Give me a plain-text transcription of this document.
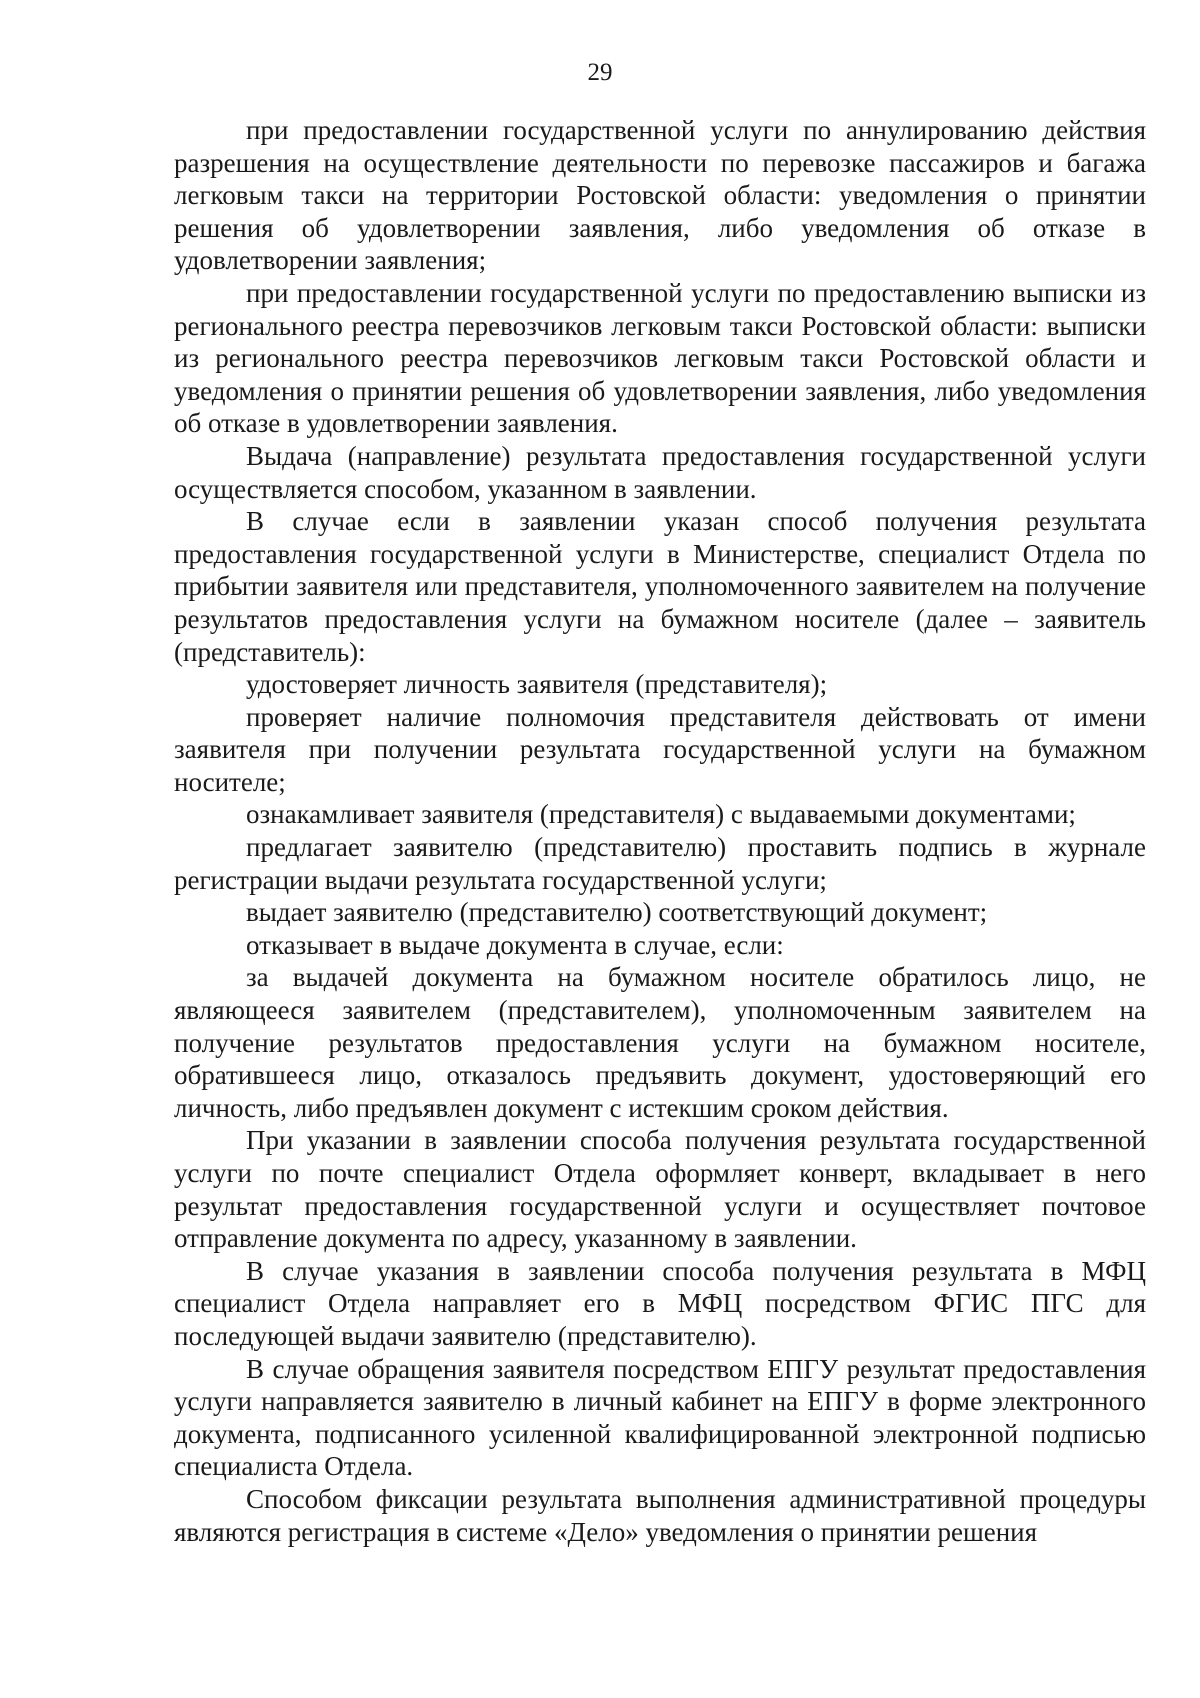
29

при предоставлении государственной услуги по аннулированию действия разрешения на осуществление деятельности по перевозке пассажиров и багажа легковым такси на территории Ростовской области: уведомления о принятии решения об удовлетворении заявления, либо уведомления об отказе в удовлетворении заявления;

при предоставлении государственной услуги по предоставлению выписки из регионального реестра перевозчиков легковым такси Ростовской области: выписки из регионального реестра перевозчиков легковым такси Ростовской области и уведомления о принятии решения об удовлетворении заявления, либо уведомления об отказе в удовлетворении заявления.

Выдача (направление) результата предоставления государственной услуги осуществляется способом, указанном в заявлении.

В случае если в заявлении указан способ получения результата предоставления государственной услуги в Министерстве, специалист Отдела по прибытии заявителя или представителя, уполномоченного заявителем на получение результатов предоставления услуги на бумажном носителе (далее – заявитель (представитель):

удостоверяет личность заявителя (представителя);

проверяет наличие полномочия представителя действовать от имени заявителя при получении результата государственной услуги на бумажном носителе;

ознакамливает заявителя (представителя) с выдаваемыми документами;

предлагает заявителю (представителю) проставить подпись в журнале регистрации выдачи результата государственной услуги;

выдает заявителю (представителю) соответствующий документ;

отказывает в выдаче документа в случае, если:

за выдачей документа на бумажном носителе обратилось лицо, не являющееся заявителем (представителем), уполномоченным заявителем на получение результатов предоставления услуги на бумажном носителе, обратившееся лицо, отказалось предъявить документ, удостоверяющий его личность, либо предъявлен документ с истекшим сроком действия.

При указании в заявлении способа получения результата государственной услуги по почте специалист Отдела оформляет конверт, вкладывает в него результат предоставления государственной услуги и осуществляет почтовое отправление документа по адресу, указанному в заявлении.

В случае указания в заявлении способа получения результата в МФЦ специалист Отдела направляет его в МФЦ посредством ФГИС ПГС для последующей выдачи заявителю (представителю).

В случае обращения заявителя посредством ЕПГУ результат предоставления услуги направляется заявителю в личный кабинет на ЕПГУ в форме электронного документа, подписанного усиленной квалифицированной электронной подписью специалиста Отдела.

Способом фиксации результата выполнения административной процедуры являются регистрация в системе «Дело» уведомления о принятии решения
